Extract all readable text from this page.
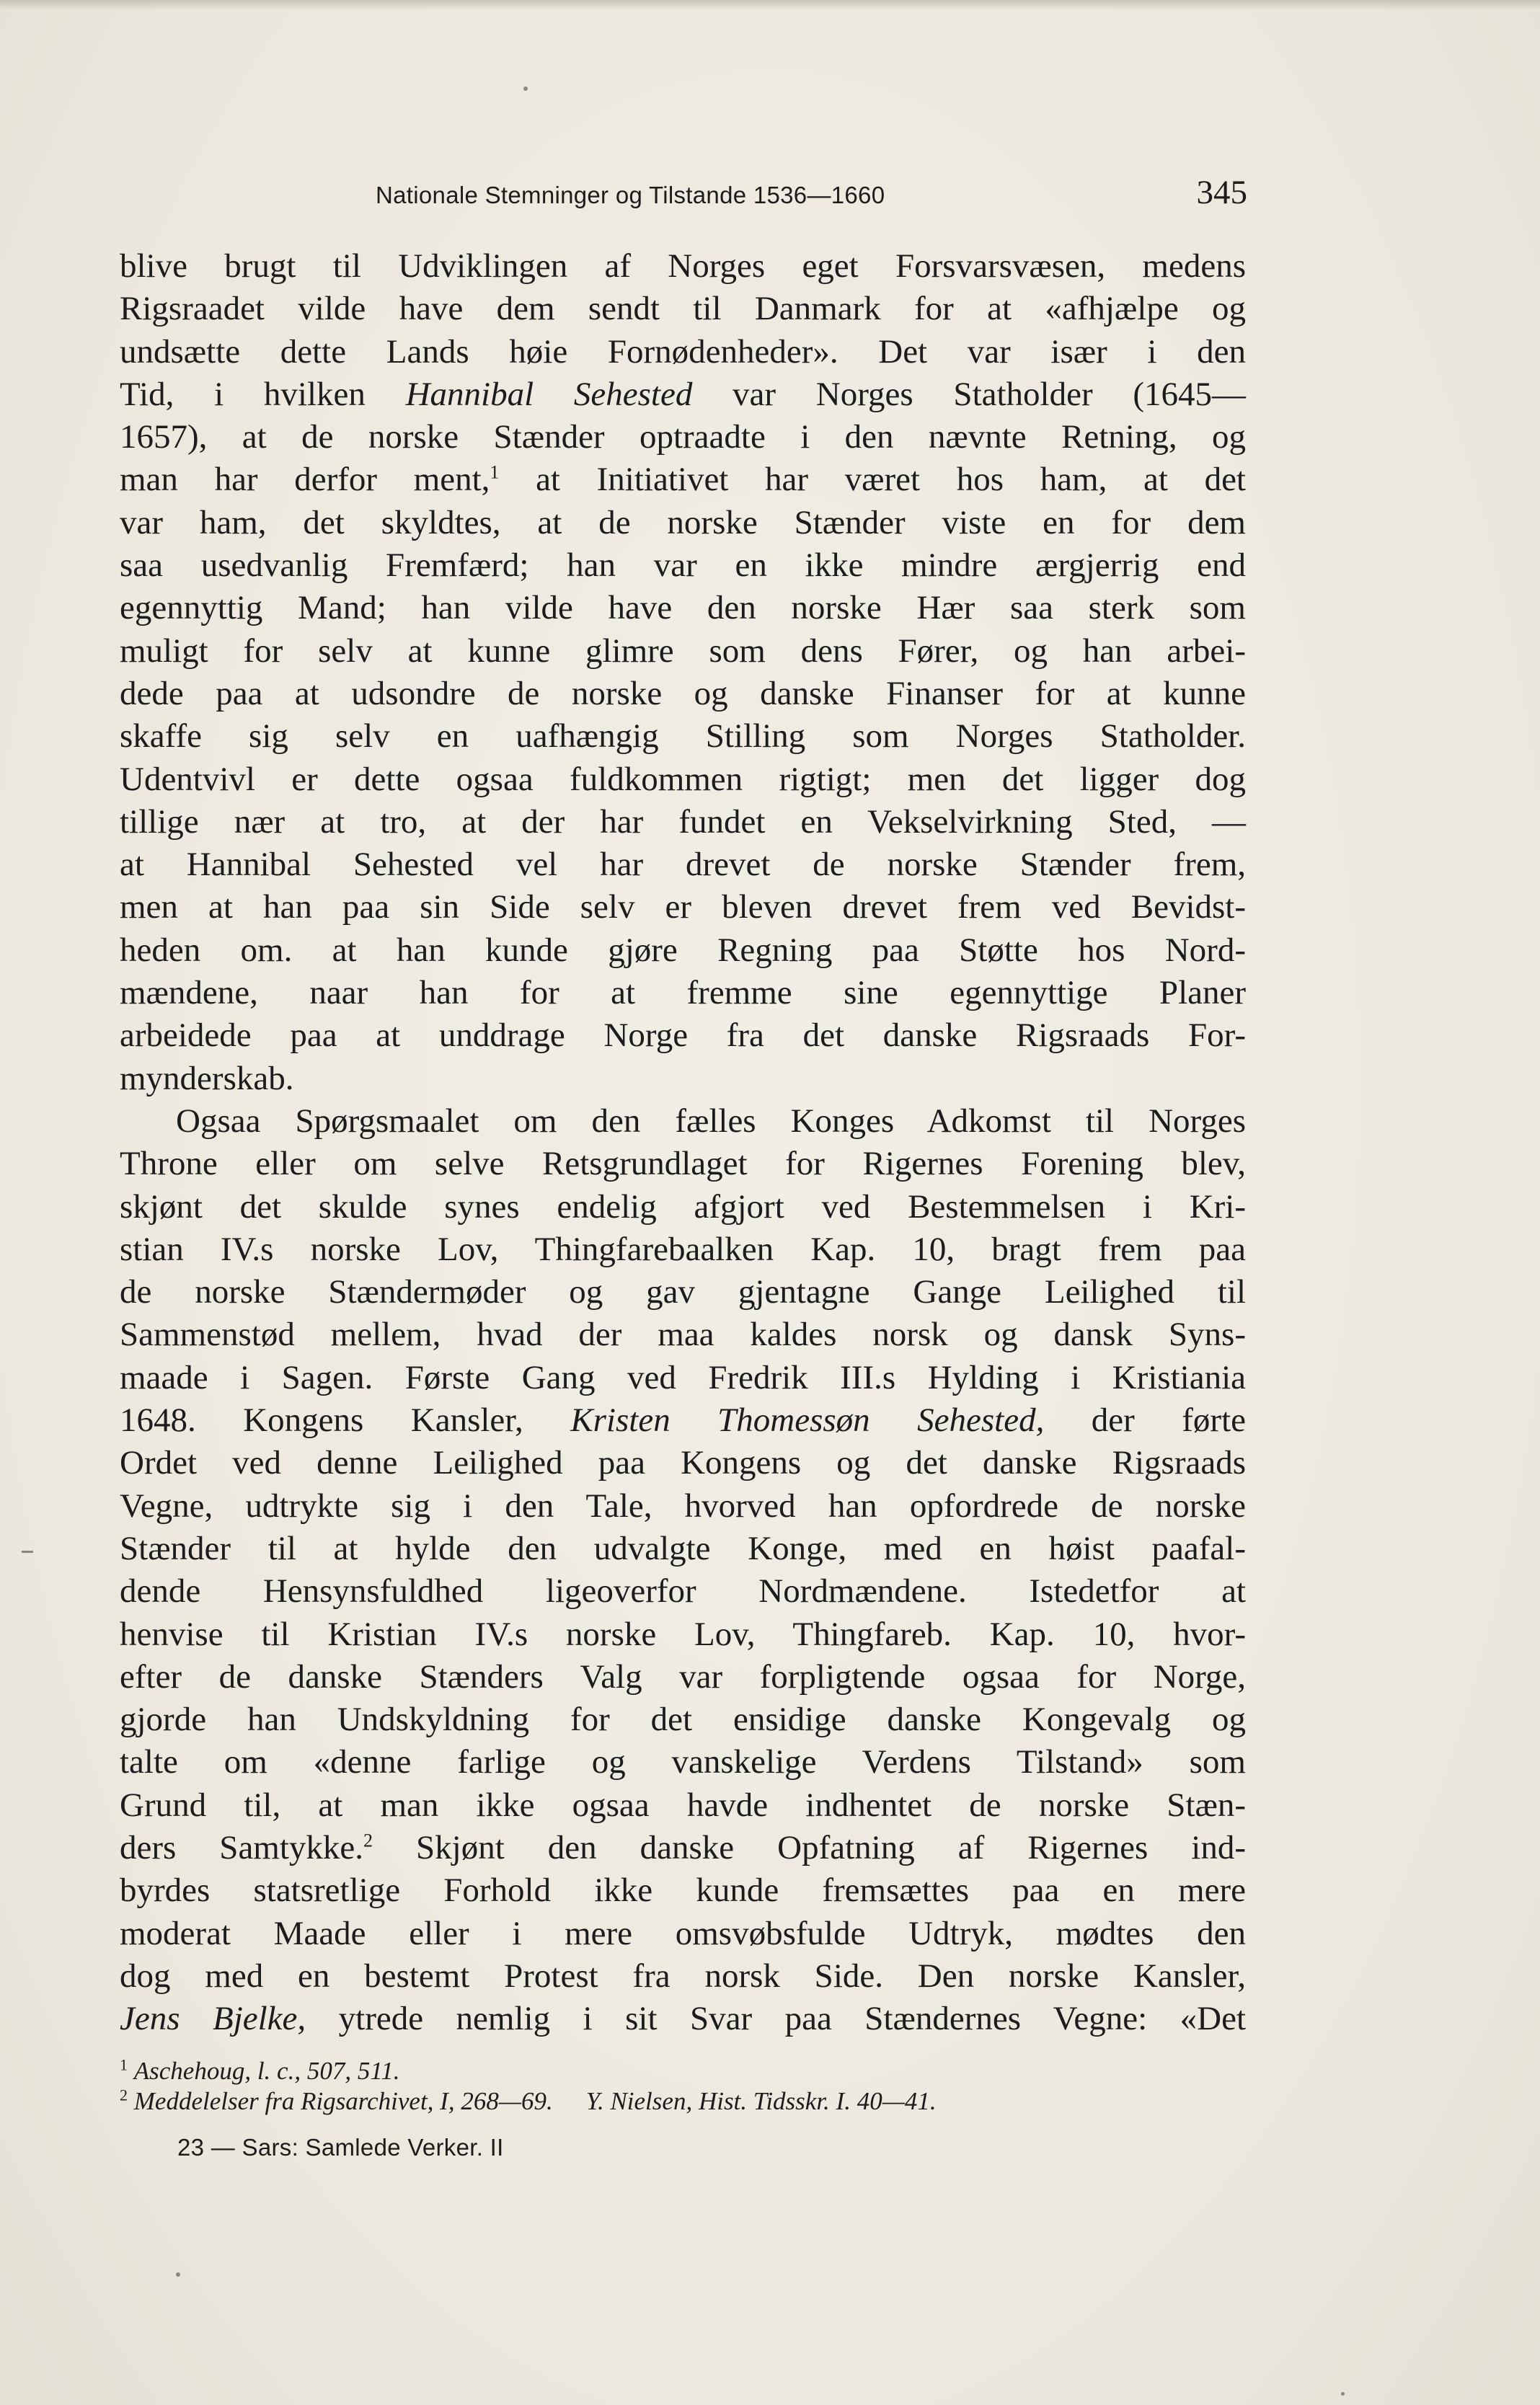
Nationale Stemninger og Tilstande 1536—1660	345
blive brugt til Udviklingen af Norges eget Forsvarsvæsen, medens
Rigsraadet vilde have dem sendt til Danmark for at «afhjælpe og
undsætte dette Lands høie Fornødenheder». Det var især i den
Tid, i hvilken Hannibal Sehested var Norges Statholder (1645—
1657), at de norske Stænder optraadte i den nævnte Retning, og
man har derfor ment,$^1$ at Initiativet har været hos ham, at det
var ham, det skyldtes, at de norske Stænder viste en for dem
saa usedvanlig Fremfærd; han var en ikke mindre ærgjerrig end
egennyttig Mand; han vilde have den norske Hær saa sterk som
muligt for selv at kunne glimre som dens Fører, og han arbei-
dede paa at udsondre de norske og danske Finanser for at kunne
skaffe sig selv en uafhængig Stilling som Norges Statholder.
Udentvivl er dette ogsaa fuldkommen rigtigt; men det ligger dog
tillige nær at tro, at der har fundet en Vekselvirkning Sted, —
at Hannibal Sehested vel har drevet de norske Stænder frem,
men at han paa sin Side selv er bleven drevet frem ved Bevidst-
heden om. at han kunde gjøre Regning paa Støtte hos Nord-
mændene, naar han for at fremme sine egennyttige Planer
arbeidede paa at unddrage Norge fra det danske Rigsraads For-
mynderskab.
Ogsaa Spørgsmaalet om den fælles Konges Adkomst til Norges
Throne eller om selve Retsgrundlaget for Rigernes Forening blev,
skjønt det skulde synes endelig afgjort ved Bestemmelsen i Kri-
stian IV.s norske Lov, Thingfarebaalken Kap. 10, bragt frem paa
de norske Stændermøder og gav gjentagne Gange Leilighed til
Sammenstød mellem, hvad der maa kaldes norsk og dansk Syns-
maade i Sagen. Første Gang ved Fredrik III.s Hylding i Kristiania
1648. Kongens Kansler, Kristen Thomessøn Sehested, der førte
Ordet ved denne Leilighed paa Kongens og det danske Rigsraads
Vegne, udtrykte sig i den Tale, hvorved han opfordrede de norske
Stænder til at hylde den udvalgte Konge, med en høist paafal-
dende Hensynsfuldhed ligeoverfor Nordmændene. Istedetfor at
henvise til Kristian IV.s norske Lov, Thingfareb. Kap. 10, hvor-
efter de danske Stænders Valg var forpligtende ogsaa for Norge,
gjorde han Undskyldning for det ensidige danske Kongevalg og
talte om «denne farlige og vanskelige Verdens Tilstand» som
Grund til, at man ikke ogsaa havde indhentet de norske Stæn-
ders Samtykke.$^2$ Skjønt den danske Opfatning af Rigernes ind-
byrdes statsretlige Forhold ikke kunde fremsættes paa en mere
moderat Maade eller i mere omsvøbsfulde Udtryk, mødtes den
dog med en bestemt Protest fra norsk Side. Den norske Kansler,
Jens Bjelke, ytrede nemlig i sit Svar paa Stændernes Vegne: «Det
$^1$ Aschehoug, l. c., 507, 511.
$^2$ Meddelelser fra Rigsarchivet, I, 268—69. Y. Nielsen, Hist. Tidsskr. I. 40—41.
23 — Sars: Samlede Verker. II
